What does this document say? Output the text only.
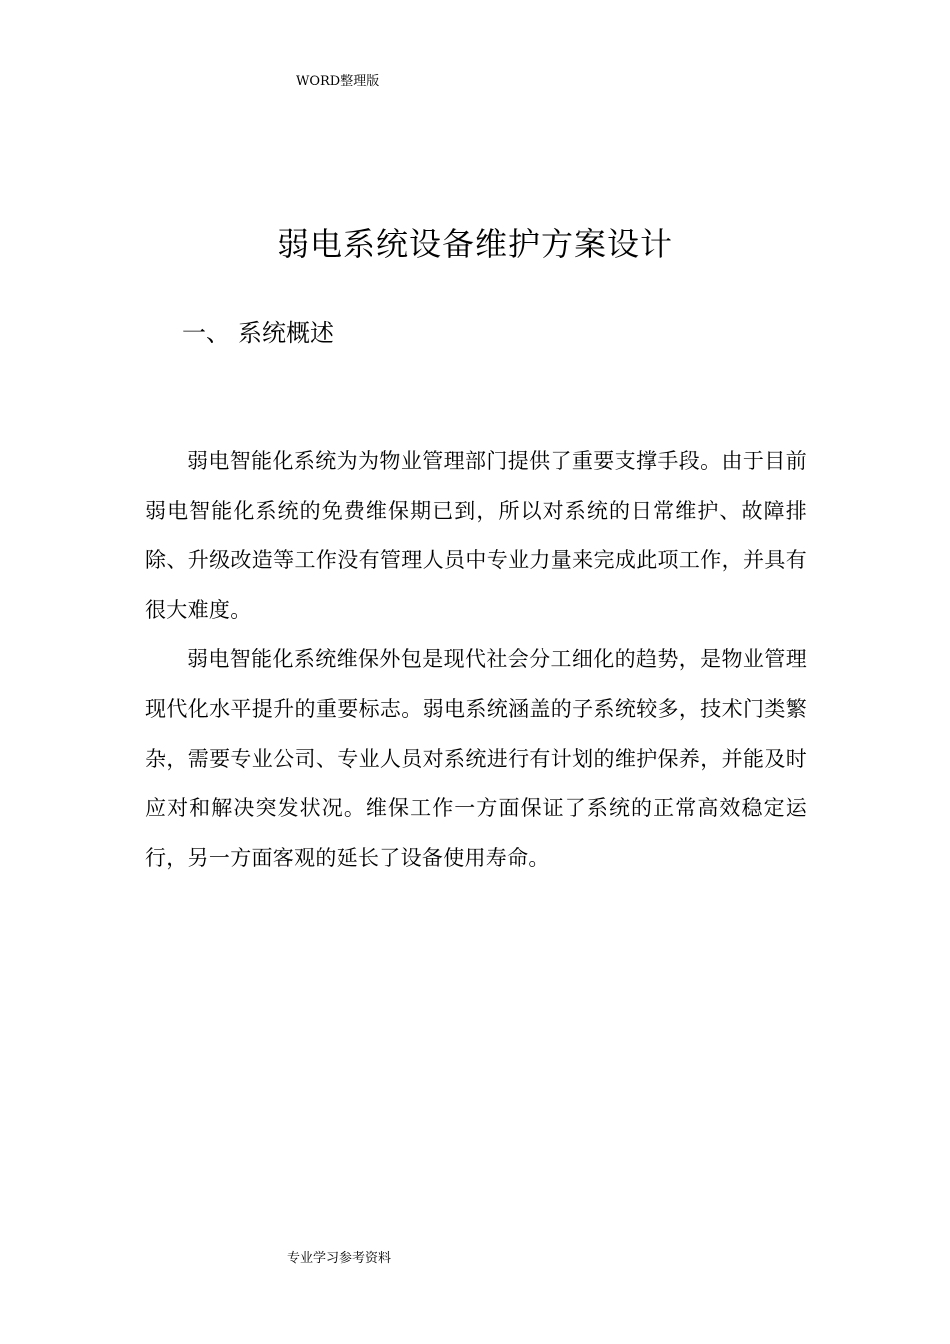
WORD整理版
弱电系统设备维护方案设计
一、 系统概述

弱电智能化系统为为物业管理部门提供了重要支撑手段。由于目前弱电智能化系统的免费维保期已到，所以对系统的日常维护、故障排除、升级改造等工作没有管理人员中专业力量来完成此项工作，并具有很大难度。

弱电智能化系统维保外包是现代社会分工细化的趋势，是物业管理现代化水平提升的重要标志。弱电系统涵盖的子系统较多，技术门类繁杂，需要专业公司、专业人员对系统进行有计划的维护保养，并能及时应对和解决突发状况。维保工作一方面保证了系统的正常高效稳定运行，另一方面客观的延长了设备使用寿命。

专业学习参考资料
